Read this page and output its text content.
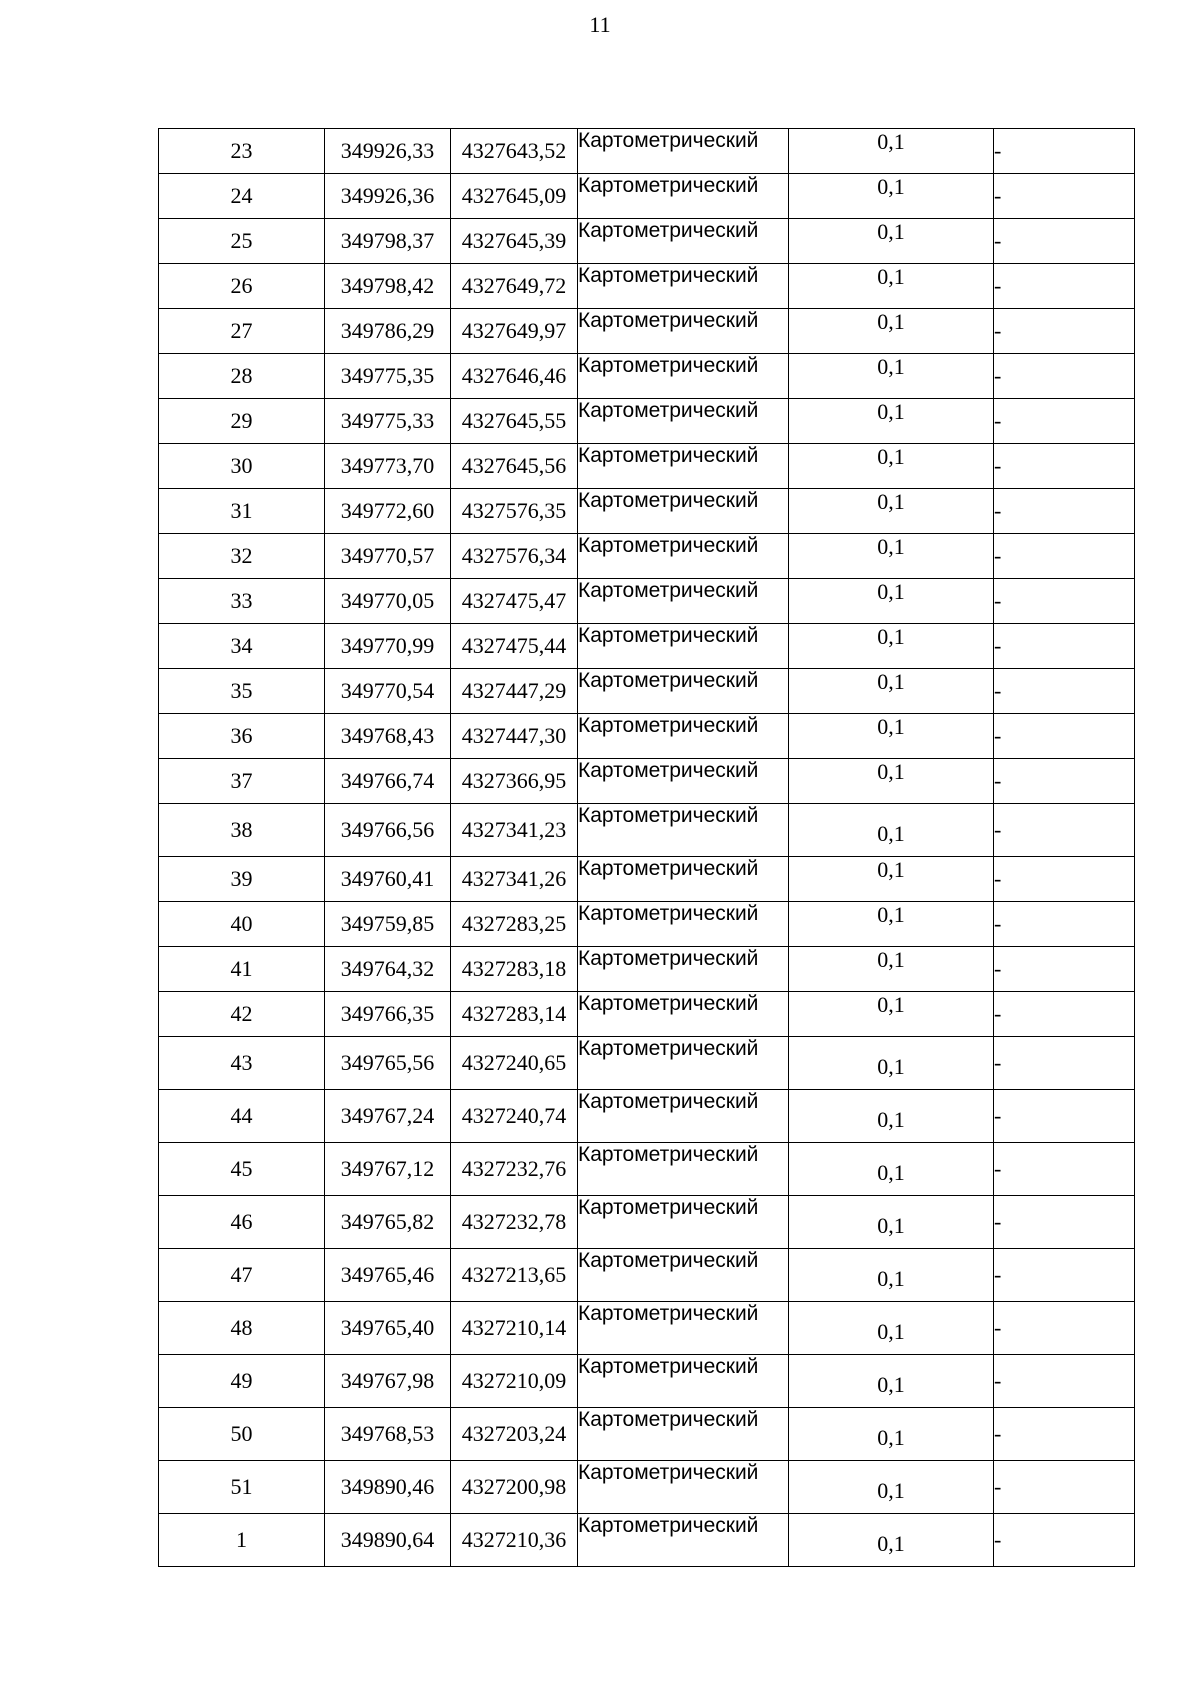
11
23	349926,33	4327643,52	Картометрический	0,1	-
24	349926,36	4327645,09	Картометрический	0,1	-
25	349798,37	4327645,39	Картометрический	0,1	-
26	349798,42	4327649,72	Картометрический	0,1	-
27	349786,29	4327649,97	Картометрический	0,1	-
28	349775,35	4327646,46	Картометрический	0,1	-
29	349775,33	4327645,55	Картометрический	0,1	-
30	349773,70	4327645,56	Картометрический	0,1	-
31	349772,60	4327576,35	Картометрический	0,1	-
32	349770,57	4327576,34	Картометрический	0,1	-
33	349770,05	4327475,47	Картометрический	0,1	-
34	349770,99	4327475,44	Картометрический	0,1	-
35	349770,54	4327447,29	Картометрический	0,1	-
36	349768,43	4327447,30	Картометрический	0,1	-
37	349766,74	4327366,95	Картометрический	0,1	-
38	349766,56	4327341,23	Картометрический	0,1	-
39	349760,41	4327341,26	Картометрический	0,1	-
40	349759,85	4327283,25	Картометрический	0,1	-
41	349764,32	4327283,18	Картометрический	0,1	-
42	349766,35	4327283,14	Картометрический	0,1	-
43	349765,56	4327240,65	Картометрический	0,1	-
44	349767,24	4327240,74	Картометрический	0,1	-
45	349767,12	4327232,76	Картометрический	0,1	-
46	349765,82	4327232,78	Картометрический	0,1	-
47	349765,46	4327213,65	Картометрический	0,1	-
48	349765,40	4327210,14	Картометрический	0,1	-
49	349767,98	4327210,09	Картометрический	0,1	-
50	349768,53	4327203,24	Картометрический	0,1	-
51	349890,46	4327200,98	Картометрический	0,1	-
1	349890,64	4327210,36	Картометрический	0,1	-
